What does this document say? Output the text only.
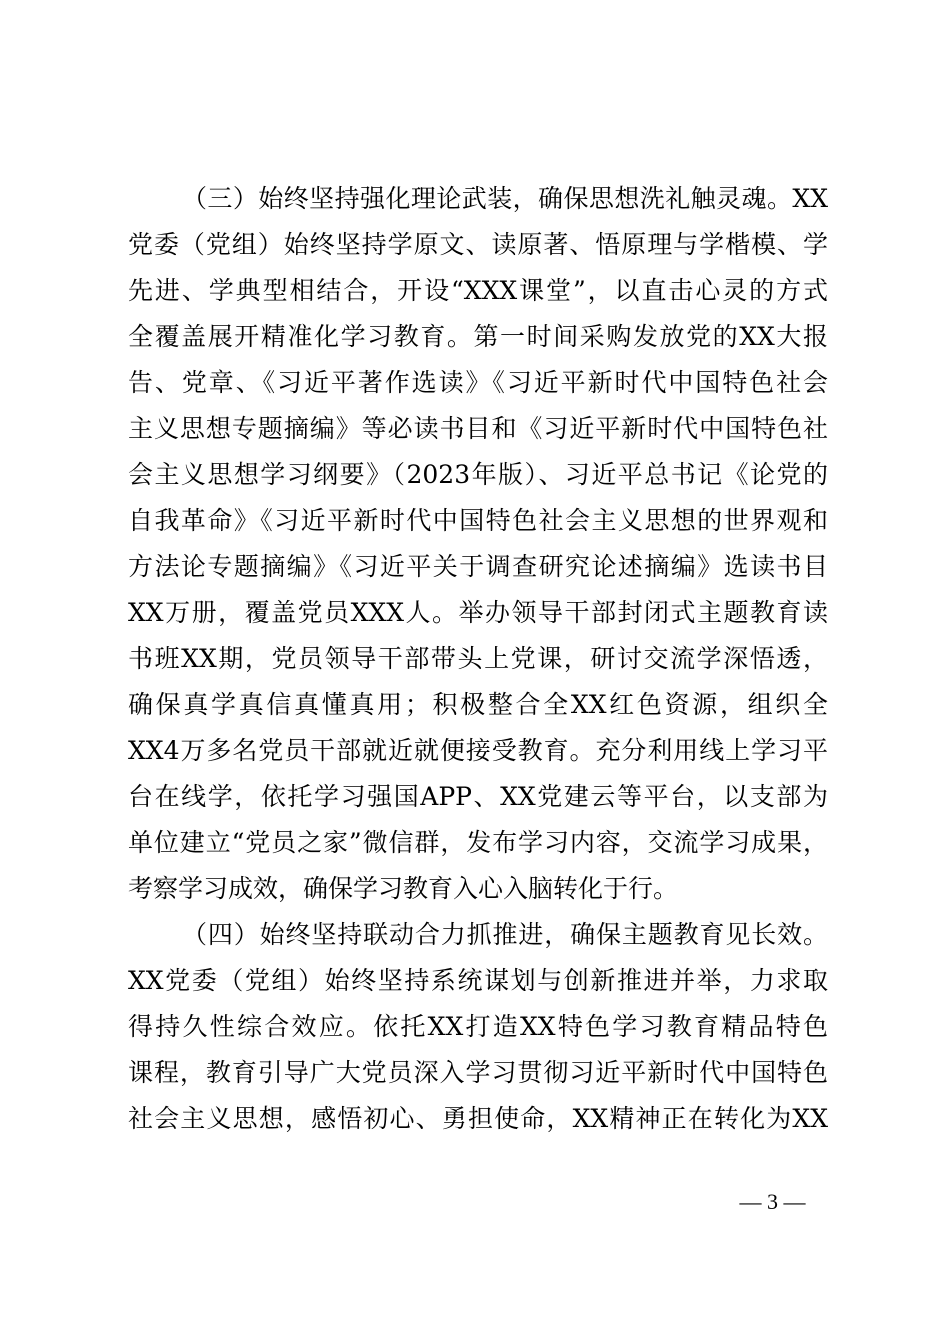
（三）始终坚持强化理论武装，确保思想洗礼触灵魂。XX
党委（党组）始终坚持学原文、读原著、悟原理与学楷模、学
先进、学典型相结合，开设“XXX课堂”，以直击心灵的方式
全覆盖展开精准化学习教育。第一时间采购发放党的XX大报
告、党章、《习近平著作选读》《习近平新时代中国特色社会
主义思想专题摘编》等必读书目和《习近平新时代中国特色社
会主义思想学习纲要》（2023年版）、习近平总书记《论党的
自我革命》《习近平新时代中国特色社会主义思想的世界观和
方法论专题摘编》《习近平关于调查研究论述摘编》选读书目
XX万册，覆盖党员XXX人。举办领导干部封闭式主题教育读
书班XX期，党员领导干部带头上党课，研讨交流学深悟透，
确保真学真信真懂真用；积极整合全XX红色资源，组织全
XX4万多名党员干部就近就便接受教育。充分利用线上学习平
台在线学，依托学习强国APP、XX党建云等平台，以支部为
单位建立“党员之家”微信群，发布学习内容，交流学习成果，
考察学习成效，确保学习教育入心入脑转化于行。
（四）始终坚持联动合力抓推进，确保主题教育见长效。
XX党委（党组）始终坚持系统谋划与创新推进并举，力求取
得持久性综合效应。依托XX打造XX特色学习教育精品特色
课程，教育引导广大党员深入学习贯彻习近平新时代中国特色
社会主义思想，感悟初心、勇担使命，XX精神正在转化为XX
— 3 —
